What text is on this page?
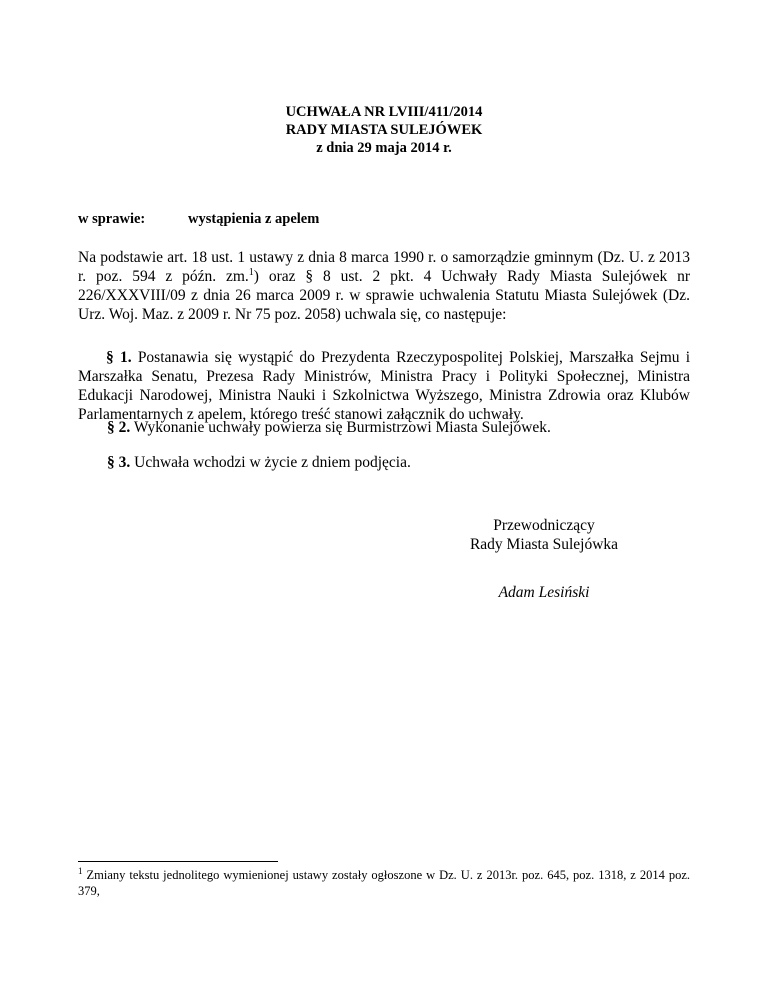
UCHWAŁA NR LVIII/411/2014
RADY MIASTA SULEJÓWEK
z dnia 29 maja 2014 r.
w sprawie:	wystąpienia z apelem
Na podstawie art. 18 ust. 1 ustawy z dnia 8 marca 1990 r. o samorządzie gminnym (Dz. U. z 2013 r. poz. 594 z późn. zm.$^1$) oraz § 8 ust. 2 pkt. 4 Uchwały Rady Miasta Sulejówek nr 226/XXXVIII/09 z dnia 26 marca 2009 r. w sprawie uchwalenia Statutu Miasta Sulejówek (Dz. Urz. Woj. Maz. z 2009 r. Nr 75 poz. 2058) uchwala się, co następuje:
§ 1. Postanawia się wystąpić do Prezydenta Rzeczypospolitej Polskiej, Marszałka Sejmu i Marszałka Senatu, Prezesa Rady Ministrów, Ministra Pracy i Polityki Społecznej, Ministra Edukacji Narodowej, Ministra Nauki i Szkolnictwa Wyższego, Ministra Zdrowia oraz Klubów Parlamentarnych z apelem, którego treść stanowi załącznik do uchwały.
§ 2. Wykonanie uchwały powierza się Burmistrzowi Miasta Sulejówek.
§ 3. Uchwała wchodzi w życie z dniem podjęcia.
Przewodniczący
Rady Miasta Sulejówka
Adam Lesiński
$^1$ Zmiany tekstu jednolitego wymienionej ustawy zostały ogłoszone w Dz. U. z 2013r. poz. 645, poz. 1318, z 2014 poz. 379,
